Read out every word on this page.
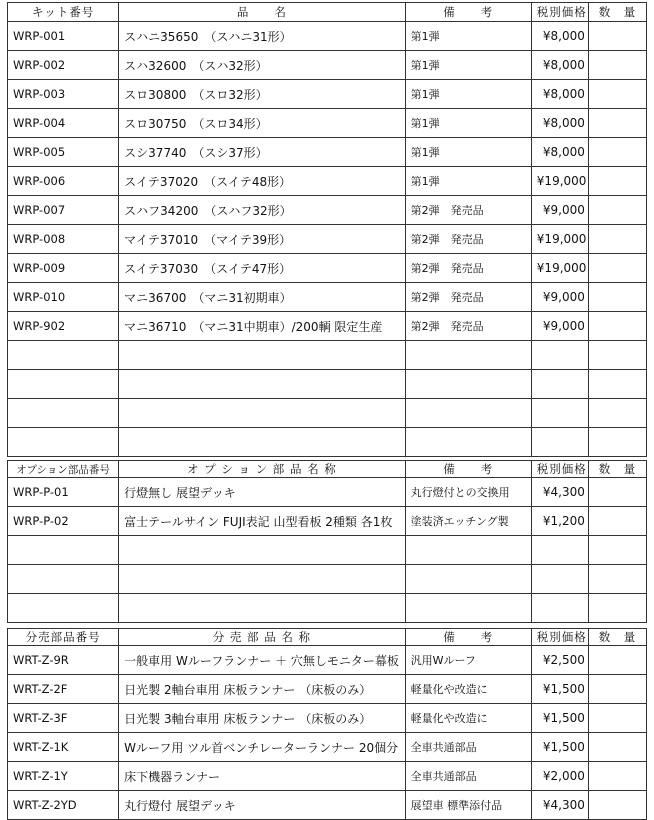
キット番号	品　　名	備　　考	税別価格	数　量
WRP-001	スハニ35650　（スハニ31形）	第1弾	¥8,000	
WRP-002	スハ32600　（スハ32形）	第1弾	¥8,000	
WRP-003	スロ30800　（スロ32形）	第1弾	¥8,000	
WRP-004	スロ30750　（スロ34形）	第1弾	¥8,000	
WRP-005	スシ37740　（スシ37形）	第1弾	¥8,000	
WRP-006	スイテ37020　（スイテ48形）	第1弾	¥19,000	
WRP-007	スハフ34200　（スハフ32形）	第2弾　発売品	¥9,000	
WRP-008	マイテ37010　（マイテ39形）	第2弾　発売品	¥19,000	
WRP-009	スイテ37030　（スイテ47形）	第2弾　発売品	¥19,000	
WRP-010	マニ36700　（マニ31初期車）	第2弾　発売品	¥9,000	
WRP-902	マニ36710　（マニ31中期車）/200輌 限定生産	第2弾　発売品	¥9,000	

オプション部品番号	オ プ シ ョ ン 部 品 名 称	備　　考	税別価格	数　量
WRP-P-01	行燈無し 展望デッキ	丸行燈付との交換用	¥4,300	
WRP-P-02	富士テールサイン FUJI表記 山型看板 2種類 各1枚	塗装済エッチング製	¥1,200	

分売部品番号	分 売 部 品 名 称	備　　考	税別価格	数　量
WRT-Z-9R	一般車用 Wルーフランナー ＋ 穴無しモニター幕板	汎用Wルーフ	¥2,500	
WRT-Z-2F	日光製 2軸台車用 床板ランナー （床板のみ）	軽量化や改造に	¥1,500	
WRT-Z-3F	日光製 3軸台車用 床板ランナー （床板のみ）	軽量化や改造に	¥1,500	
WRT-Z-1K	Wルーフ用 ツル首ベンチレーターランナー 20個分	全車共通部品	¥1,500	
WRT-Z-1Y	床下機器ランナー	全車共通部品	¥2,000	
WRT-Z-2YD	丸行燈付 展望デッキ	展望車 標準添付品	¥4,300	
